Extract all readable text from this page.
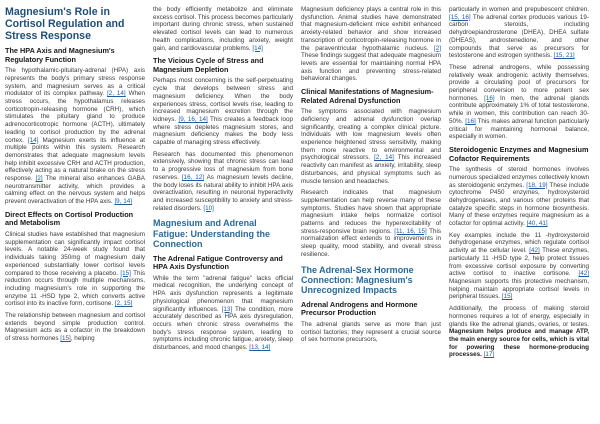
Magnesium's Role in Cortisol Regulation and Stress Response
The HPA Axis and Magnesium's Regulatory Function

The hypothalamic-pituitary-adrenal (HPA) axis represents the body's primary stress response system, and magnesium serves as a critical modulator of its complex pathway. [2, 14] When stress occurs, the hypothalamus releases corticotropin-releasing hormone (CRH), which stimulates the pituitary gland to produce adrenocorticotropic hormone (ACTH), ultimately leading to cortisol production by the adrenal cortex. [14] Magnesium exerts its influence at multiple points within this system. Research demonstrates that adequate magnesium levels help inhibit excessive CRH and ACTH production, effectively acting as a natural brake on the stress response. [2] The mineral also enhances GABA neurotransmitter activity, which provides a calming effect on the nervous system and helps prevent overactivation of the HPA axis. [9, 14]

Direct Effects on Cortisol Production and Metabolism

Clinical studies have established that magnesium supplementation can significantly impact cortisol levels. A notable 24-week study found that individuals taking 350mg of magnesium daily experienced substantially lower cortisol levels compared to those receiving a placebo. [15] This reduction occurs through multiple mechanisms, including magnesium's role in supporting the enzyme 11 -HSD type 2, which converts active cortisol into its inactive form, cortisone. [2, 15]

The relationship between magnesium and cortisol extends beyond simple production control. Magnesium acts as a cofactor in the breakdown of stress hormones [15], helping

the body efficiently metabolize and eliminate excess cortisol. This process becomes particularly important during chronic stress, when sustained elevated cortisol levels can lead to numerous health complications, including anxiety, weight gain, and cardiovascular problems. [14]

The Vicious Cycle of Stress and Magnesium Depletion

Perhaps most concerning is the self-perpetuating cycle that develops between stress and magnesium deficiency. When the body experiences stress, cortisol levels rise, leading to increased magnesium excretion through the kidneys. [9, 16, 14] This creates a feedback loop where stress depletes magnesium stores, and magnesium deficiency makes the body less capable of managing stress effectively.

Research has documented this phenomenon extensively, showing that chronic stress can lead to a progressive loss of magnesium from bone reserves. [16, 12] As magnesium levels decline, the body loses its natural ability to inhibit HPA axis overactivation, resulting in neuronal hyperactivity and increased susceptibility to anxiety and stress-related disorders. [10]

Magnesium and Adrenal Fatigue: Understanding the Connection
The Adrenal Fatigue Controversy and HPA Axis Dysfunction

While the term "adrenal fatigue" lacks official medical recognition, the underlying concept of HPA axis dysfunction represents a legitimate physiological phenomenon that magnesium significantly influences. [13] The condition, more accurately described as HPA axis dysregulation, occurs when chronic stress overwhelms the body's stress response system, leading to symptoms including chronic fatigue, anxiety, sleep disturbances, and mood changes. [13, 14]

Magnesium deficiency plays a central role in this dysfunction. Animal studies have demonstrated that magnesium-deficient mice exhibit enhanced anxiety-related behavior and show increased transcription of corticotropin-releasing hormone in the paraventricular hypothalamic nucleus. [2] These findings suggest that adequate magnesium levels are essential for maintaining normal HPA axis function and preventing stress-related behavioral changes.

Clinical Manifestations of Magnesium-Related Adrenal Dysfunction

The symptoms associated with magnesium deficiency and adrenal dysfunction overlap significantly, creating a complex clinical picture. Individuals with low magnesium levels often experience heightened stress sensitivity, making them more reactive to environmental and psychological stressors. [2, 14] This increased reactivity can manifest as anxiety, irritability, sleep disturbances, and physical symptoms such as muscle tension and headaches.

Research indicates that magnesium supplementation can help reverse many of these symptoms. Studies have shown that appropriate magnesium intake helps normalize cortisol patterns and reduces the hyperexcitability of stress-responsive brain regions. [11, 16, 15] This normalization effect extends to improvements in sleep quality, mood stability, and overall stress resilience.

The Adrenal-Sex Hormone Connection: Magnesium's Unrecognized Impacts
Adrenal Androgens and Hormone Precursor Production

The adrenal glands serve as more than just cortisol factories; they represent a crucial source of sex hormone precursors,

particularly in women and prepubescent children. [15, 16] The adrenal cortex produces various 19-carbon steroids, including dehydroepiandrosterone (DHEA), DHEA sulfate (DHEAS), androstenedione, and other compounds that serve as precursors for testosterone and estrogen synthesis. [15, 21]

These adrenal androgens, while possessing relatively weak androgenic activity themselves, provide a circulating pool of precursors for peripheral conversion to more potent sex hormones. [16] In men, the adrenal glands contribute approximately 1% of total testosterone, while in women, this contribution can reach 30-50%. [16] This makes adrenal function particularly critical for maintaining hormonal balance, especially in women.

Steroidogenic Enzymes and Magnesium Cofactor Requirements

The synthesis of steroid hormones involves numerous specialized enzymes collectively known as steroidogenic enzymes. [18, 19] These include cytochrome P450 enzymes, hydroxysteroid dehydrogenases, and various other proteins that catalyze specific steps in hormone biosynthesis. Many of these enzymes require magnesium as a cofactor for optimal activity. [40, 41]

Key examples include the 11 -hydroxysteroid dehydrogenase enzymes, which regulate cortisol activity at the cellular level. [42] These enzymes, particularly 11 -HSD type 2, help protect tissues from excessive cortisol exposure by converting active cortisol to inactive cortisone. [42] Magnesium supports this protective mechanism, helping maintain appropriate cortisol levels in peripheral tissues. [15]

Additionally, the process of making steroid hormones requires a lot of energy, especially in glands like the adrenal glands, ovaries, or testes. Magnesium helps produce and manage ATP, the main energy source for cells, which is vital for powering these hormone-producing processes. [17]
